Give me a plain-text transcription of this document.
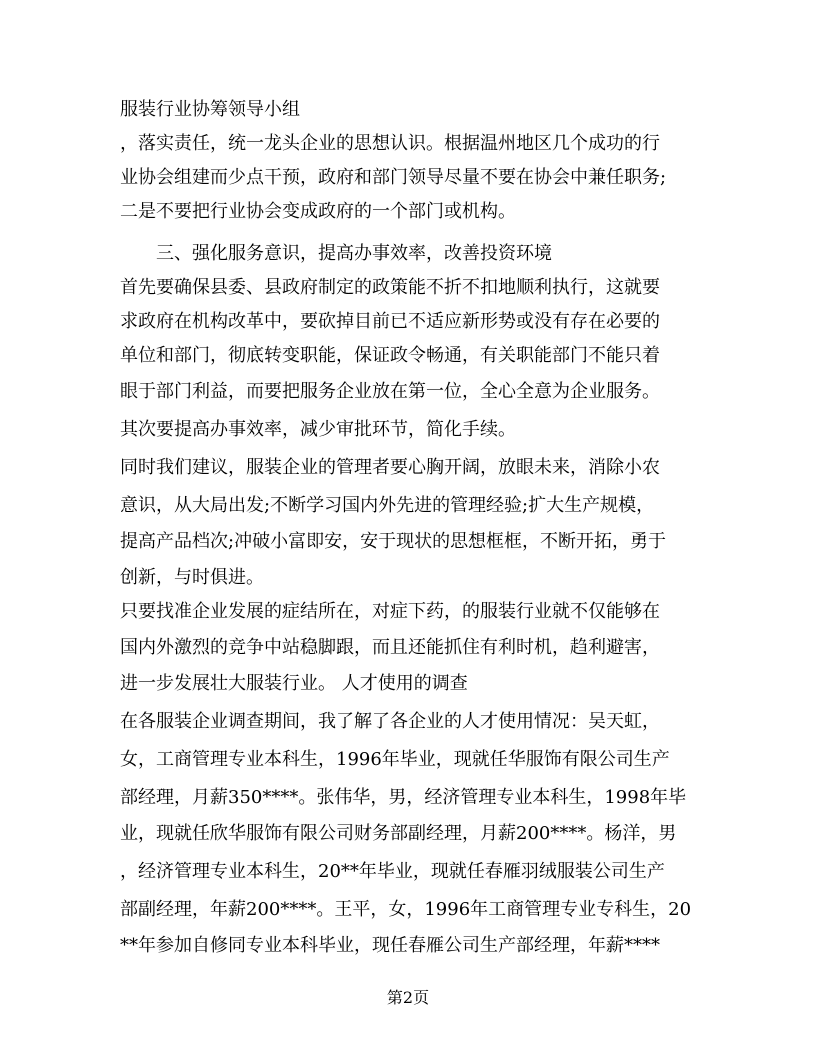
服装行业协筹领导小组
，落实责任，统一龙头企业的思想认识。根据温州地区几个成功的行
业协会组建而少点干预，政府和部门领导尽量不要在协会中兼任职务;
二是不要把行业协会变成政府的一个部门或机构。
三、强化服务意识，提高办事效率，改善投资环境
首先要确保县委、县政府制定的政策能不折不扣地顺利执行，这就要
求政府在机构改革中，要砍掉目前已不适应新形势或没有存在必要的
单位和部门，彻底转变职能，保证政令畅通，有关职能部门不能只着
眼于部门利益，而要把服务企业放在第一位，全心全意为企业服务。
其次要提高办事效率，减少审批环节，简化手续。
同时我们建议，服装企业的管理者要心胸开阔，放眼未来，消除小农
意识，从大局出发;不断学习国内外先进的管理经验;扩大生产规模，
提高产品档次;冲破小富即安，安于现状的思想框框，不断开拓，勇于
创新，与时俱进。
只要找准企业发展的症结所在，对症下药，的服装行业就不仅能够在
国内外激烈的竞争中站稳脚跟，而且还能抓住有利时机，趋利避害，
进一步发展壮大服装行业。 人才使用的调查
在各服装企业调查期间，我了解了各企业的人才使用情况：吴天虹，
女，工商管理专业本科生，1996年毕业，现就任华服饰有限公司生产
部经理，月薪350****。张伟华，男，经济管理专业本科生，1998年毕
业，现就任欣华服饰有限公司财务部副经理，月薪200****。杨洋，男
，经济管理专业本科生，20**年毕业，现就任春雁羽绒服装公司生产
部副经理，年薪200****。王平，女，1996年工商管理专业专科生，20
**年参加自修同专业本科毕业，现任春雁公司生产部经理，年薪****
第2页
